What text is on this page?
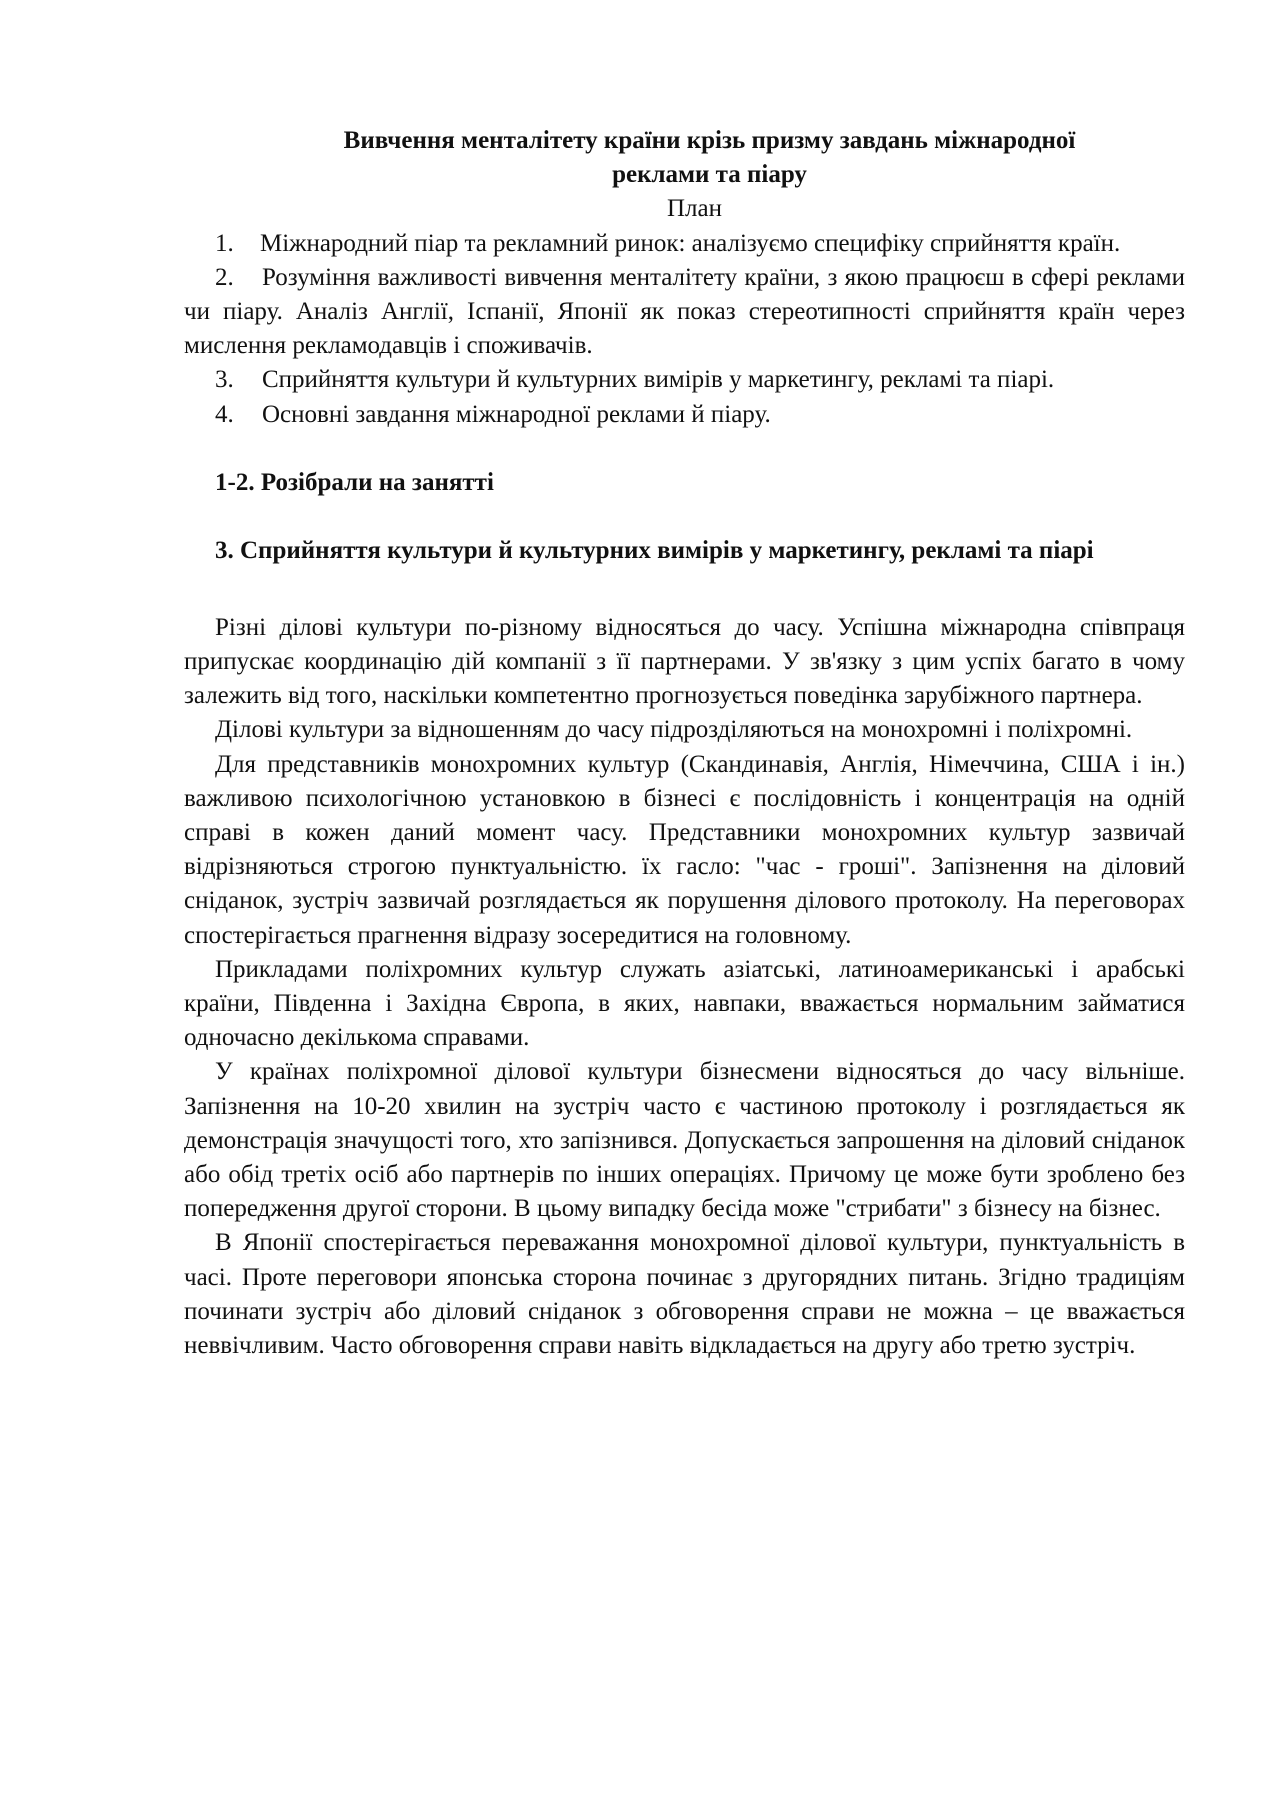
Вивчення менталітету країни крізь призму завдань міжнародної
реклами та піару

План

1. Міжнародний піар та рекламний ринок: аналізуємо специфіку сприйняття країн.
2. Розуміння важливості вивчення менталітету країни, з якою працюєш в сфері реклами чи піару. Аналіз Англії, Іспанії, Японії як показ стереотипності сприйняття країн через мислення рекламодавців і споживачів.
3. Сприйняття культури й культурних вимірів у маркетингу, рекламі та піарі.
4. Основні завдання міжнародної реклами й піару.

1-2. Розібрали на занятті

3. Сприйняття культури й культурних вимірів у маркетингу, рекламі та піарі

Різні ділові культури по-різному відносяться до часу. Успішна міжнародна співпраця припускає координацію дій компанії з її партнерами. У зв'язку з цим успіх багато в чому залежить від того, наскільки компетентно прогнозується поведінка зарубіжного партнера.

Ділові культури за відношенням до часу підрозділяються на монохромні і поліхромні.

Для представників монохромних культур (Скандинавія, Англія, Німеччина, США і ін.) важливою психологічною установкою в бізнесі є послідовність і концентрація на одній справі в кожен даний момент часу. Представники монохромних культур зазвичай відрізняються строгою пунктуальністю. їх гасло: "час - гроші". Запізнення на діловий сніданок, зустріч зазвичай розглядається як порушення ділового протоколу. На переговорах спостерігається прагнення відразу зосередитися на головному.

Прикладами поліхромних культур служать азіатські, латиноамериканські і арабські країни, Південна і Західна Європа, в яких, навпаки, вважається нормальним займатися одночасно декількома справами.

У країнах поліхромної ділової культури бізнесмени відносяться до часу вільніше. Запізнення на 10-20 хвилин на зустріч часто є частиною протоколу і розглядається як демонстрація значущості того, хто запізнився. Допускається запрошення на діловий сніданок або обід третіх осіб або партнерів по інших операціях. Причому це може бути зроблено без попередження другої сторони. В цьому випадку бесіда може "стрибати" з бізнесу на бізнес.

В Японії спостерігається переважання монохромної ділової культури, пунктуальність в часі. Проте переговори японська сторона починає з другорядних питань. Згідно традиціям починати зустріч або діловий сніданок з обговорення справи не можна – це вважається неввічливим. Часто обговорення справи навіть відкладається на другу або третю зустріч.
